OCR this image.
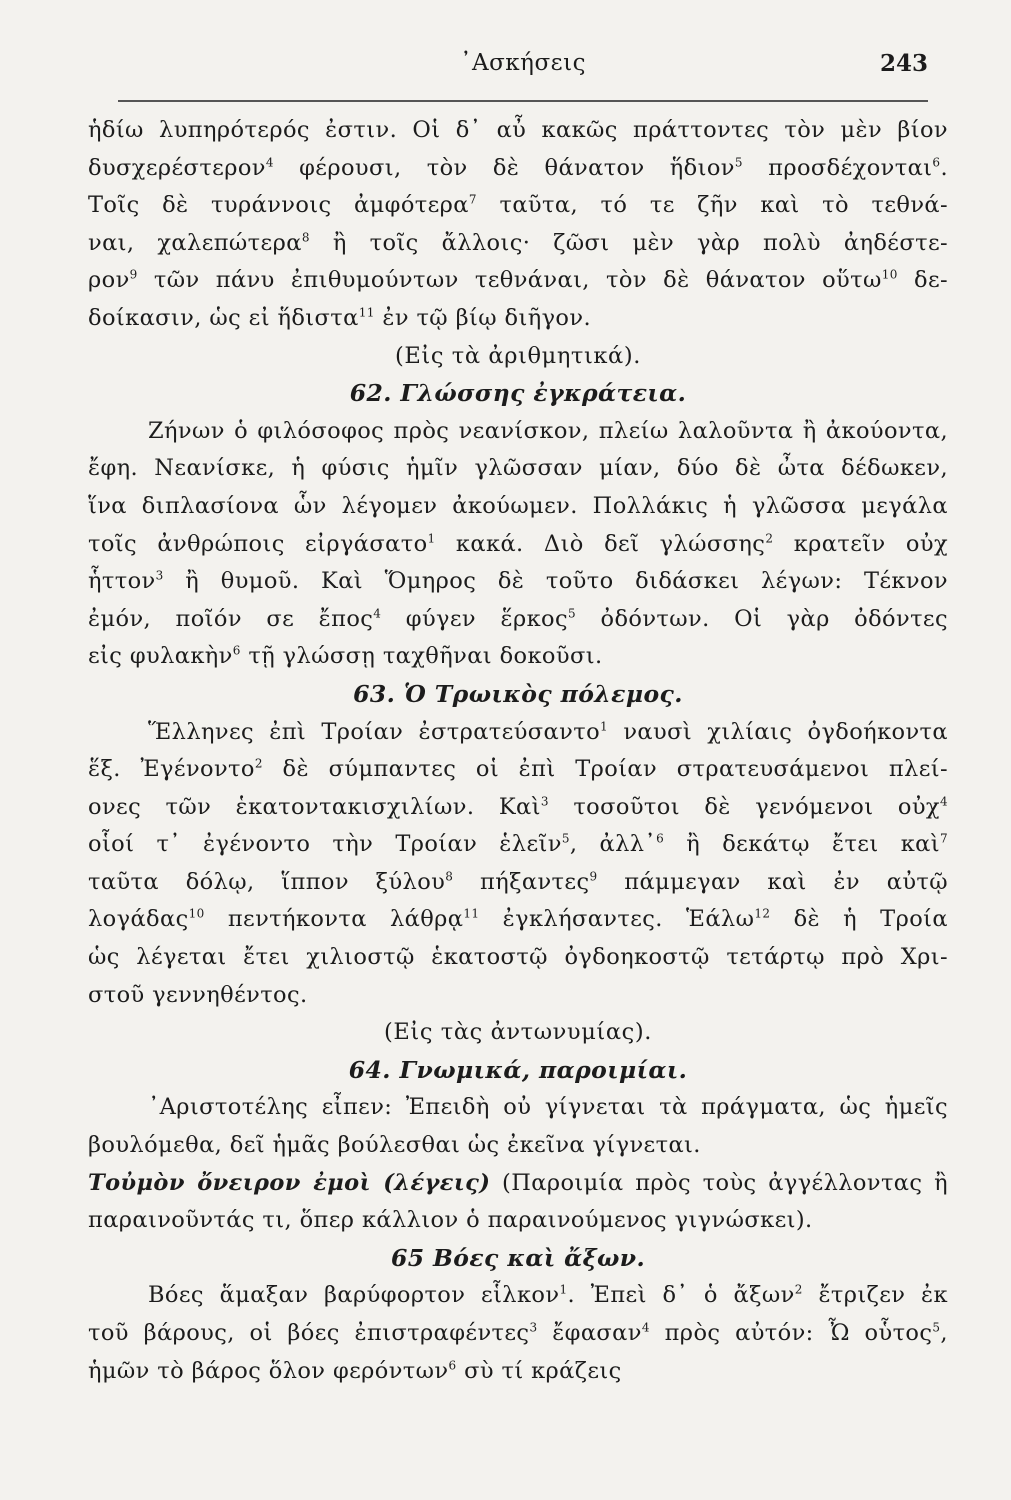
᾿Ασκήσεις	243
ἡδίω λυπηρότερός ἐστιν. Οἱ δ᾽ αὖ κακῶς πράττοντες τὸν μὲν βίον
δυσχερέστερον$^4$ φέρουσι, τὸν δὲ θάνατον ἥδιον$^5$ προσδέχονται$^6$.
Τοῖς δὲ τυράννοις ἀμφότερα$^7$ ταῦτα, τό τε ζῆν καὶ τὸ τεθνά-
ναι, χαλεπώτερα$^8$ ἢ τοῖς ἄλλοις· ζῶσι μὲν γὰρ πολὺ ἀηδέστε-
ρον$^9$ τῶν πάνυ ἐπιθυμούντων τεθνάναι, τὸν δὲ θάνατον οὕτω$^{10}$ δε-
δοίκασιν, ὡς εἰ ἥδιστα$^{11}$ ἐν τῷ βίῳ διῆγον.
(Εἰς τὰ ἀριθμητικά).
62. Γλώσσης ἐγκράτεια.
Ζήνων ὁ φιλόσοφος πρὸς νεανίσκον, πλείω λαλοῦντα ἢ ἀκούοντα,
ἔφη. Νεανίσκε, ἡ φύσις ἡμῖν γλῶσσαν μίαν, δύο δὲ ὦτα δέδωκεν,
ἵνα διπλασίονα ὧν λέγομεν ἀκούωμεν. Πολλάκις ἡ γλῶσσα μεγάλα
τοῖς ἀνθρώποις εἰργάσατο$^1$ κακά. Διὸ δεῖ γλώσσης$^2$ κρατεῖν οὐχ
ἧττον$^3$ ἢ θυμοῦ. Καὶ Ὅμηρος δὲ τοῦτο διδάσκει λέγων: Τέκνον
ἐμόν, ποῖόν σε ἔπος$^4$ φύγεν ἕρκος$^5$ ὀδόντων. Οἱ γὰρ ὀδόντες
εἰς φυλακὴν$^6$ τῇ γλώσσῃ ταχθῆναι δοκοῦσι.
63. Ὁ Τρωικὸς πόλεμος.
Ἕλληνες ἐπὶ Τροίαν ἐστρατεύσαντο$^1$ ναυσὶ χιλίαις ὀγδοήκοντα
ἕξ. Ἐγένοντο$^2$ δὲ σύμπαντες οἱ ἐπὶ Τροίαν στρατευσάμενοι πλεί-
ονες τῶν ἑκατοντακισχιλίων. Καὶ$^3$ τοσοῦτοι δὲ γενόμενοι οὐχ$^4$
οἷοί τ᾽ ἐγένοντο τὴν Τροίαν ἑλεῖν$^5$, ἀλλ᾽$^6$ ἢ δεκάτῳ ἔτει καὶ$^7$
ταῦτα δόλῳ, ἵππον ξύλου$^8$ πήξαντες$^9$ πάμμεγαν καὶ ἐν αὐτῷ
λογάδας$^{10}$ πεντήκοντα λάθρᾳ$^{11}$ ἐγκλήσαντες. Ἑάλω$^{12}$ δὲ ἡ Τροία
ὡς λέγεται ἔτει χιλιοστῷ ἑκατοστῷ ὀγδοηκοστῷ τετάρτῳ πρὸ Χρι-
στοῦ γεννηθέντος.
(Εἰς τὰς ἀντωνυμίας).
64. Γνωμικά, παροιμίαι.
᾿Αριστοτέλης εἶπεν: Ἐπειδὴ οὐ γίγνεται τὰ πράγματα, ὡς ἡμεῖς
βουλόμεθα, δεῖ ἡμᾶς βούλεσθαι ὡς ἐκεῖνα γίγνεται.
Τοὐμὸν ὄνειρον ἐμοὶ (λέγεις) (Παροιμία πρὸς τοὺς ἀγγέλλοντας ἢ
παραινοῦντάς τι, ὅπερ κάλλιον ὁ παραινούμενος γιγνώσκει).
65 Βόες καὶ ἄξων.
Βόες ἅμαξαν βαρύφορτον εἷλκον$^1$. Ἐπεὶ δ᾽ ὁ ἄξων$^2$ ἔτριζεν ἐκ
τοῦ βάρους, οἱ βόες ἐπιστραφέντες$^3$ ἔφασαν$^4$ πρὸς αὐτόν: Ὦ οὗτος$^5$,
ἡμῶν τὸ βάρος ὅλον φερόντων$^6$ σὺ τί κράζεις
